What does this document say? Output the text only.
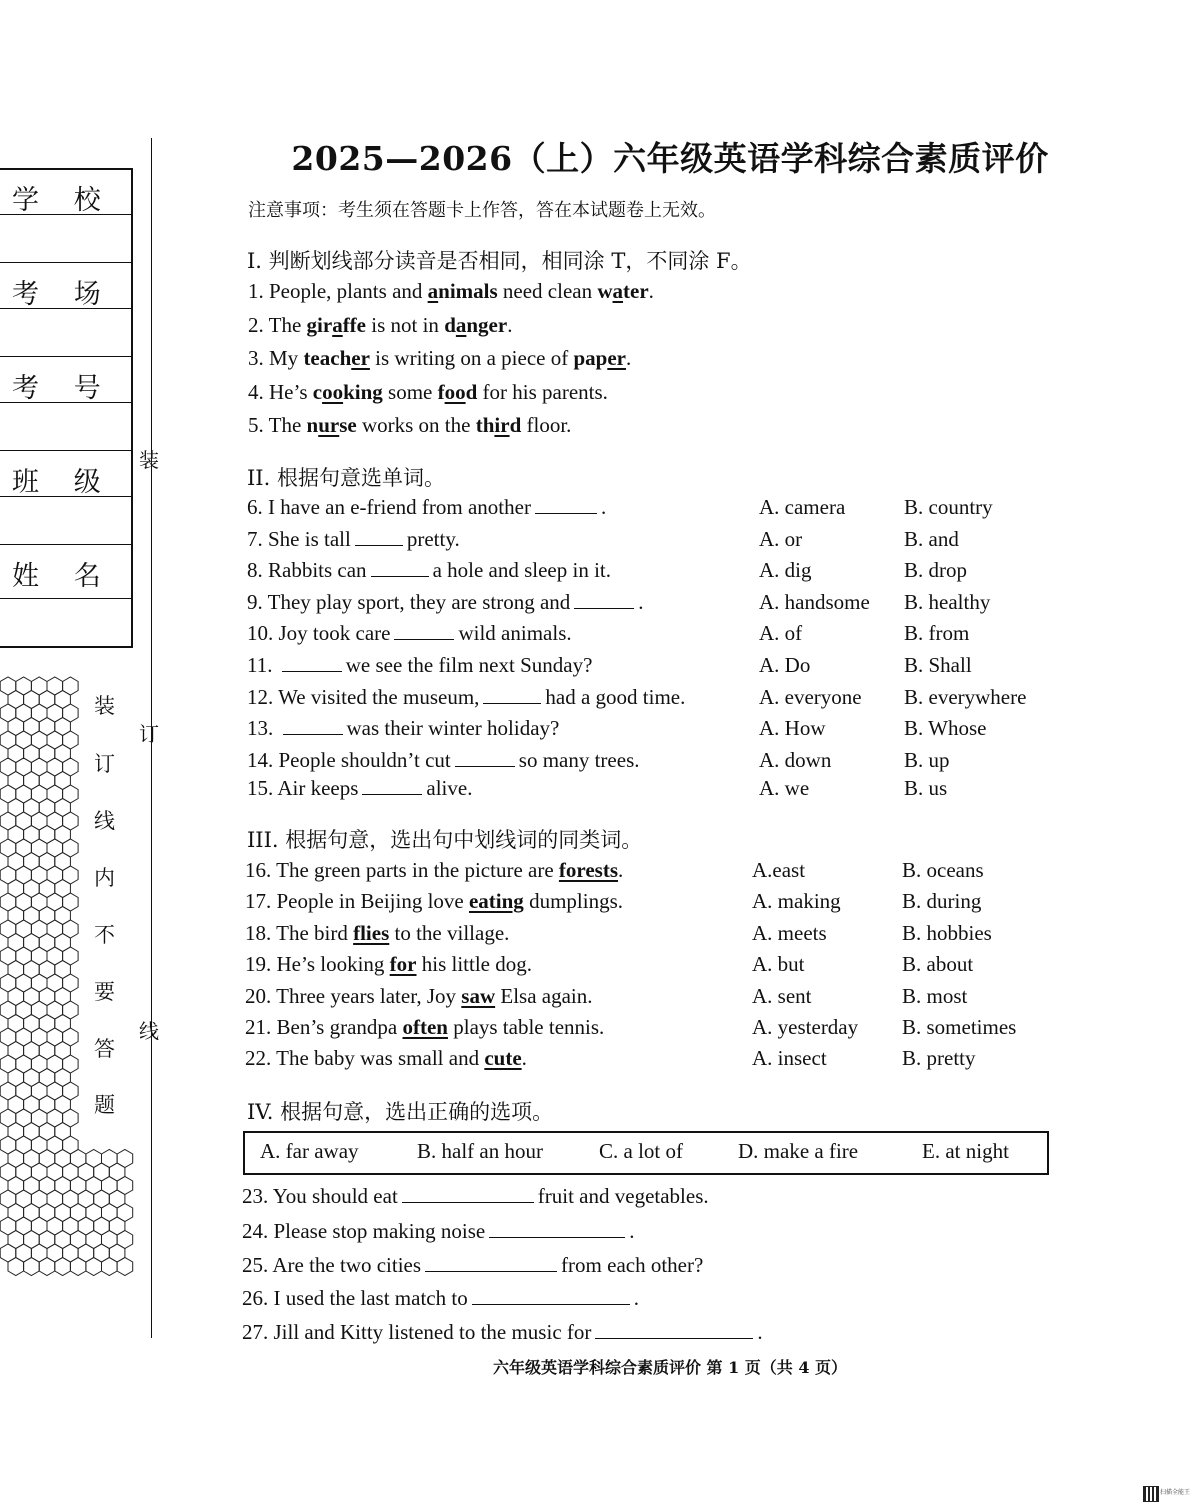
学 校
考 场
考 号
班 级
姓 名
装
订
线
装
订
线
内
不
要
答
题
2025—2026（上）六年级英语学科综合素质评价
注意事项：考生须在答题卡上作答，答在本试题卷上无效。
I. 判断划线部分读音是否相同，相同涂 T，不同涂 F。
1. People, plants and animals need clean water.
2. The giraffe is not in danger.
3. My teacher is writing on a piece of paper.
4. He’s cooking some food for his parents.
5. The nurse works on the third floor.
II. 根据句意选单词。
6. I have an e-friend from another	.	A. camera	B. country
7. She is tall	pretty.	A. or	B. and
8. Rabbits can	a hole and sleep in it.	A. dig	B. drop
9. They play sport, they are strong and	.	A. handsome B. healthy
10. Joy took care	wild animals.	A. of	B. from
11.	we see the film next Sunday?	A. Do	B. Shall
12. We visited the museum,	had a good time.	A. everyone B. everywhere
13.	was their winter holiday?	A. How	B. Whose
14. People shouldn’t cut	so many trees.	A. down	B. up
15. Air keeps	alive.	A. we	B. us
III. 根据句意，选出句中划线词的同类词。
16. The green parts in the picture are forests.	A.east	B. oceans
17. People in Beijing love eating dumplings.	A. making	B. during
18. The bird flies to the village.	A. meets	B. hobbies
19. He’s looking for his little dog.	A. but	B. about
20. Three years later, Joy saw Elsa again.	A. sent	B. most
21. Ben’s grandpa often plays table tennis.	A. yesterday B. sometimes
22. The baby was small and cute.	A. insect	B. pretty
IV. 根据句意，选出正确的选项。
A. far away	B. half an hour	C. a lot of	D. make a fire	E. at night
23. You should eat	fruit and vegetables.
24. Please stop making noise	.
25. Are the two cities	from each other?
26. I used the last match to	.
27. Jill and Kitty listened to the music for	.
六年级英语学科综合素质评价 第 1 页（共 4 页）
扫描全能王
